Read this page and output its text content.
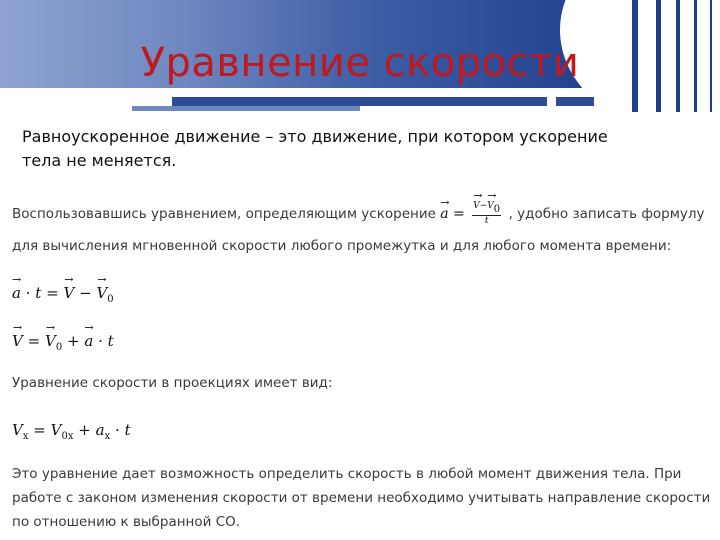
Уравнение скорости
Равноускоренное движение – это движение, при котором ускорение тела не меняется.
Воспользовавшись уравнением, определяющим ускорение → a = → $\frac{V-\to V0}{t}$ , удобно записать формулу
для вычисления мгновенной скорости любого промежутка и для любого момента времени:
→ a · t = → V − → $V_0$
→ V = → $V_0$ + → a · t
Уравнение скорости в проекциях имеет вид:
$V_x = V_{0x} + a_x \cdot t$
Это уравнение дает возможность определить скорость в любой момент движения тела. При
работе с законом изменения скорости от времени необходимо учитывать направление скорости
по отношению к выбранной СО.
